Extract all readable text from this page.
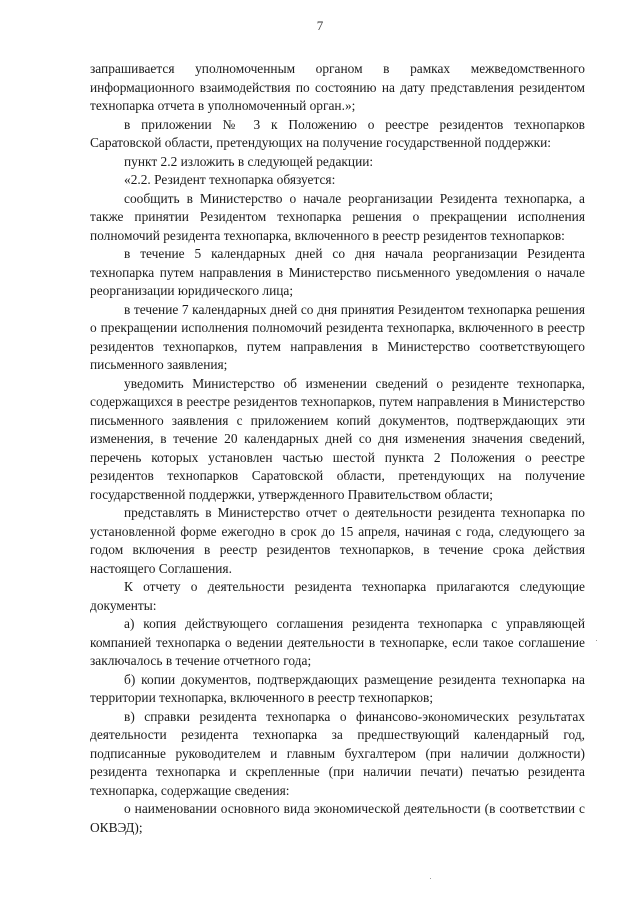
7

запрашивается уполномоченным органом в рамках межведомственного информационного взаимодействия по состоянию на дату представления резидентом технопарка отчета в уполномоченный орган.»;

в приложении № 3 к Положению о реестре резидентов технопарков Саратовской области, претендующих на получение государственной поддержки:

пункт 2.2 изложить в следующей редакции:

«2.2. Резидент технопарка обязуется:

сообщить в Министерство о начале реорганизации Резидента технопарка, а также принятии Резидентом технопарка решения о прекращении исполнения полномочий резидента технопарка, включенного в реестр резидентов технопарков:

в течение 5 календарных дней со дня начала реорганизации Резидента технопарка путем направления в Министерство письменного уведомления о начале реорганизации юридического лица;

в течение 7 календарных дней со дня принятия Резидентом технопарка решения о прекращении исполнения полномочий резидента технопарка, включенного в реестр резидентов технопарков, путем направления в Министерство соответствующего письменного заявления;

уведомить Министерство об изменении сведений о резиденте технопарка, содержащихся в реестре резидентов технопарков, путем направления в Министерство письменного заявления с приложением копий документов, подтверждающих эти изменения, в течение 20 календарных дней со дня изменения значения сведений, перечень которых установлен частью шестой пункта 2 Положения о реестре резидентов технопарков Саратовской области, претендующих на получение государственной поддержки, утвержденного Правительством области;

представлять в Министерство отчет о деятельности резидента технопарка по установленной форме ежегодно в срок до 15 апреля, начиная с года, следующего за годом включения в реестр резидентов технопарков, в течение срока действия настоящего Соглашения.

К отчету о деятельности резидента технопарка прилагаются следующие документы:

а) копия действующего соглашения резидента технопарка с управляющей компанией технопарка о ведении деятельности в технопарке, если такое соглашение заключалось в течение отчетного года;

б) копии документов, подтверждающих размещение резидента технопарка на территории технопарка, включенного в реестр технопарков;

в) справки резидента технопарка о финансово-экономических результатах деятельности резидента технопарка за предшествующий календарный год, подписанные руководителем и главным бухгалтером (при наличии должности) резидента технопарка и скрепленные (при наличии печати) печатью резидента технопарка, содержащие сведения:

о наименовании основного вида экономической деятельности (в соответствии с ОКВЭД);
